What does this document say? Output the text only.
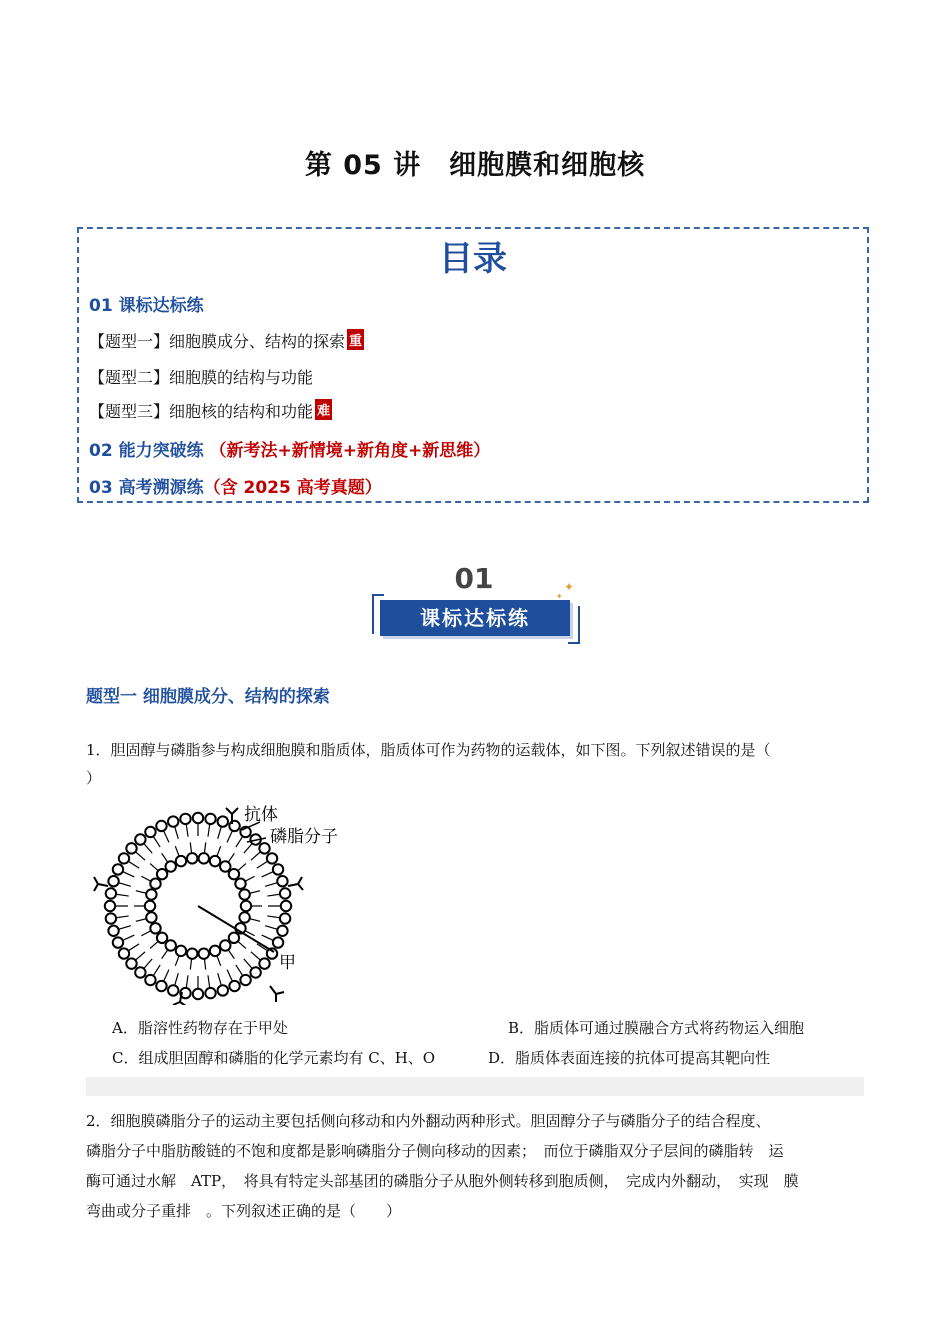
第 05 讲　细胞膜和细胞核
目录
01 课标达标练
【题型一】细胞膜成分、结构的探索 重
【题型二】细胞膜的结构与功能
【题型三】细胞核的结构和功能 难
02 能力突破练 （新考法+新情境+新角度+新思维）
03 高考溯源练（含 2025 高考真题）
01
课标达标练
✦
✦
题型一 细胞膜成分、结构的探索
1．胆固醇与磷脂参与构成细胞膜和脂质体，脂质体可作为药物的运载体，如下图。下列叙述错误的是（
）
抗体
磷脂分子
甲
A．脂溶性药物存在于甲处	B．脂质体可通过膜融合方式将药物运入细胞
C．组成胆固醇和磷脂的化学元素均有 C、H、O	D．脂质体表面连接的抗体可提高其靶向性
2．细胞膜磷脂分子的运动主要包括侧向移动和内外翻动两种形式。胆固醇分子与磷脂分子的结合程度、
磷脂分子中脂肪酸链的不饱和度都是影响磷脂分子侧向移动的因素；　而位于磷脂双分子层间的磷脂转　运
酶可通过水解　ATP，　将具有特定头部基团的磷脂分子从胞外侧转移到胞质侧，　完成内外翻动，　实现　膜
弯曲或分子重排　。下列叙述正确的是（　　）
